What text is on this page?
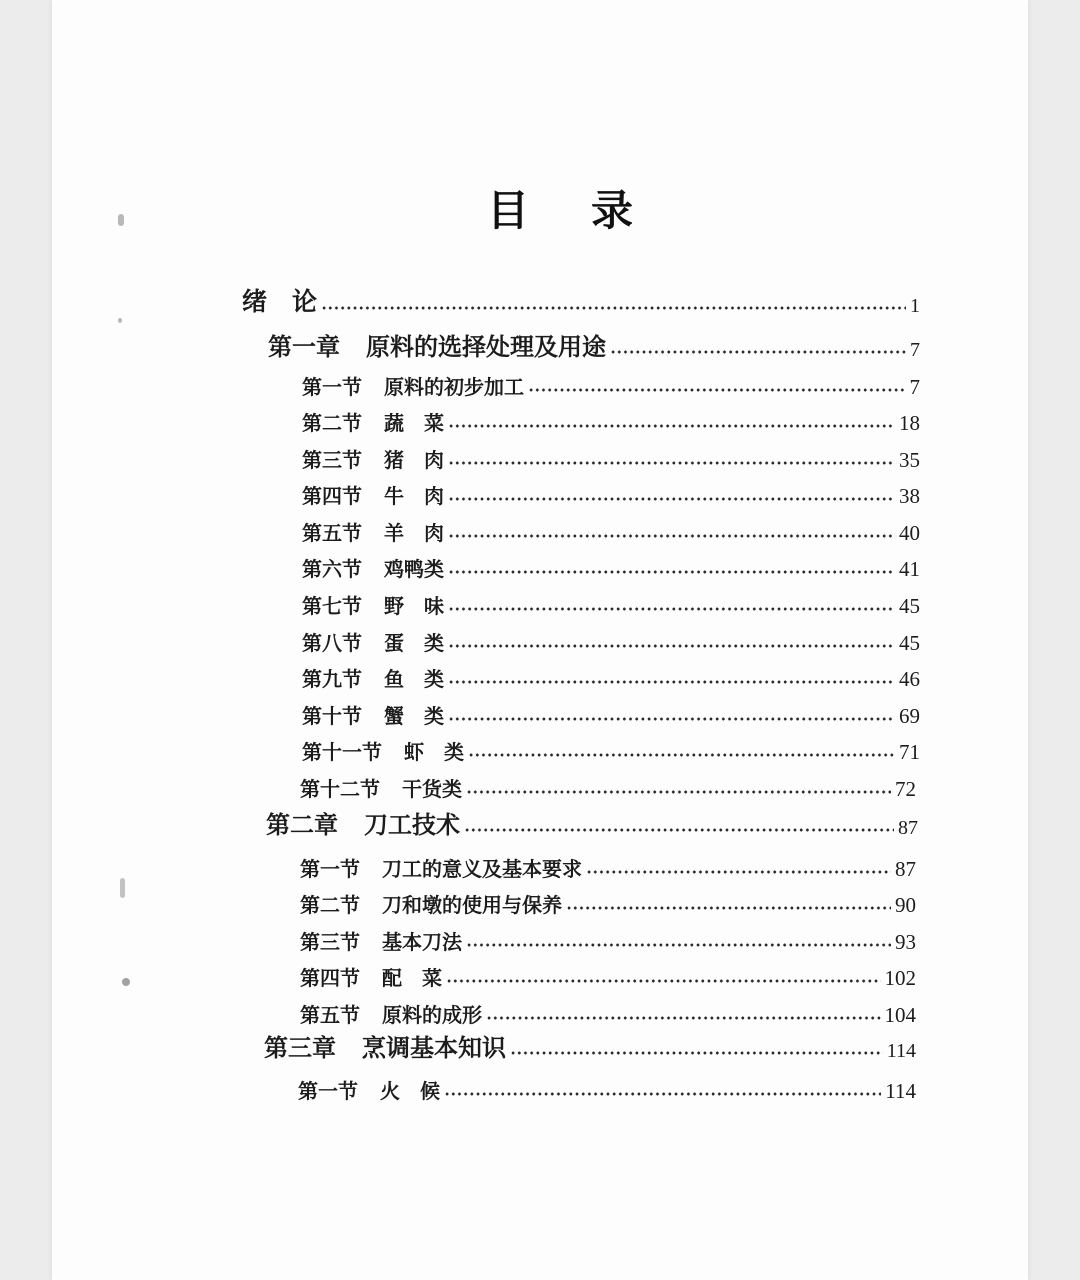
目 录
绪　论	1
第一章 原料的选择处理及用途	7
第一节 原料的初步加工	7
第二节 蔬　菜	18
第三节 猪　肉	35
第四节 牛　肉	38
第五节 羊　肉	40
第六节 鸡鸭类	41
第七节 野　味	45
第八节 蛋　类	45
第九节 鱼　类	46
第十节 蟹　类	69
第十一节 虾　类	71
第十二节 干货类	72
第二章 刀工技术	87
第一节 刀工的意义及基本要求	87
第二节 刀和墩的使用与保养	90
第三节 基本刀法	93
第四节 配　菜	102
第五节 原料的成形	104
第三章 烹调基本知识	114
第一节 火　候	114
